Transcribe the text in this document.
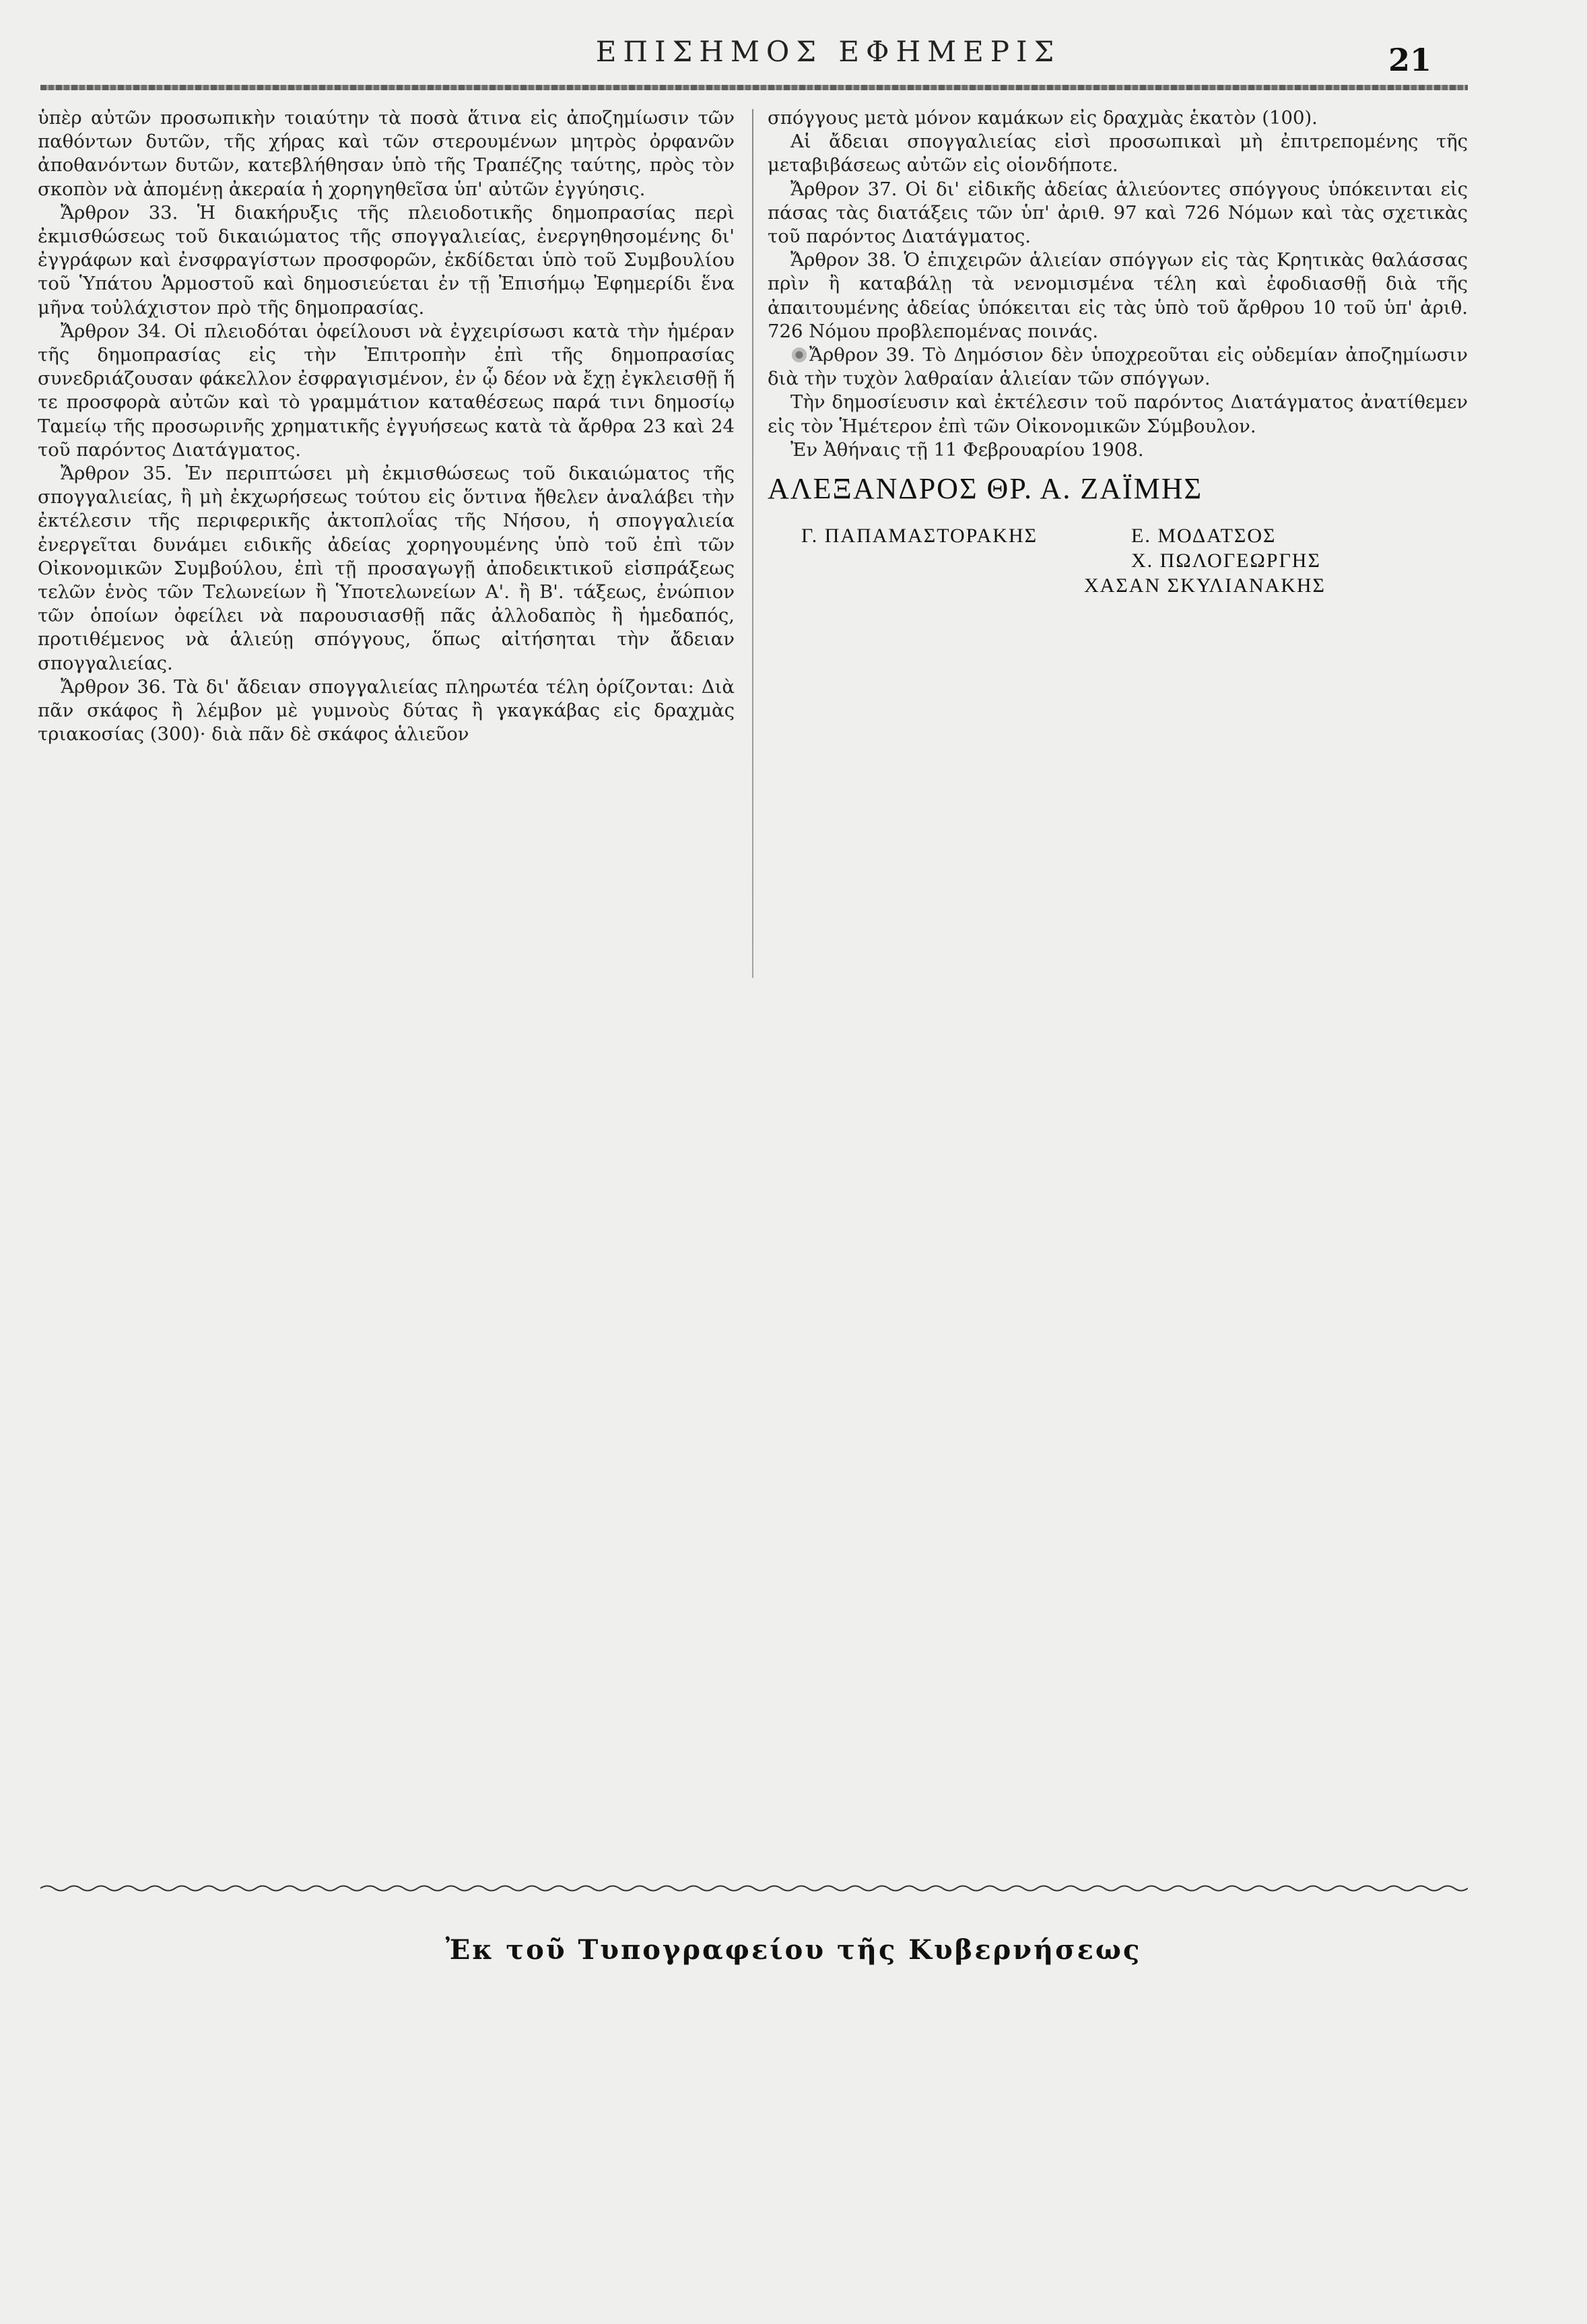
ΕΠΙΣΗΜΟΣ ΕΦΗΜΕΡΙΣ	21

ὑπὲρ αὐτῶν προσωπικὴν τοιαύτην τὰ ποσὰ ἅτινα εἰς ἀποζημίωσιν τῶν παθόντων δυτῶν, τῆς χήρας καὶ τῶν στερουμένων μητρὸς ὀρφανῶν ἀποθανόντων δυτῶν, κατεβλήθησαν ὑπὸ τῆς Τραπέζης ταύτης, πρὸς τὸν σκοπὸν νὰ ἀπομένῃ ἀκεραία ἡ χορηγηθεῖσα ὑπ' αὐτῶν ἐγγύησις.

Ἄρθρον 33. Ἡ διακήρυξις τῆς πλειοδοτικῆς δημοπρασίας περὶ ἐκμισθώσεως τοῦ δικαιώματος τῆς σπογγαλιείας, ἐνεργηθησομένης δι' ἐγγράφων καὶ ἐνσφραγίστων προσφορῶν, ἐκδίδεται ὑπὸ τοῦ Συμβουλίου τοῦ Ὑπάτου Ἁρμοστοῦ καὶ δημοσιεύεται ἐν τῇ Ἐπισήμῳ Ἐφημερίδι ἕνα μῆνα τοὐλάχιστον πρὸ τῆς δημοπρασίας.

Ἄρθρον 34. Οἱ πλειοδόται ὀφείλουσι νὰ ἐγχειρίσωσι κατὰ τὴν ἡμέραν τῆς δημοπρασίας εἰς τὴν Ἐπιτροπὴν ἐπὶ τῆς δημοπρασίας συνεδριάζουσαν φάκελλον ἐσφραγισμένον, ἐν ᾧ δέον νὰ ἔχῃ ἐγκλεισθῇ ἥ τε προσφορὰ αὐτῶν καὶ τὸ γραμμάτιον καταθέσεως παρά τινι δημοσίῳ Ταμείῳ τῆς προσωρινῆς χρηματικῆς ἐγγυήσεως κατὰ τὰ ἄρθρα 23 καὶ 24 τοῦ παρόντος Διατάγματος.

Ἄρθρον 35. Ἐν περιπτώσει μὴ ἐκμισθώσεως τοῦ δικαιώματος τῆς σπογγαλιείας, ἢ μὴ ἐκχωρήσεως τούτου εἰς ὅντινα ἤθελεν ἀναλάβει τὴν ἐκτέλεσιν τῆς περιφερικῆς ἀκτοπλοΐας τῆς Νήσου, ἡ σπογγαλιεία ἐνεργεῖται δυνάμει ειδικῆς ἀδείας χορηγουμένης ὑπὸ τοῦ ἐπὶ τῶν Οἰκονομικῶν Συμβούλου, ἐπὶ τῇ προσαγωγῇ ἀποδεικτικοῦ εἰσπράξεως τελῶν ἑνὸς τῶν Τελωνείων ἢ Ὑποτελωνείων Α'. ἢ Β'. τάξεως, ἐνώπιον τῶν ὁποίων ὀφείλει νὰ παρουσιασθῇ πᾶς ἀλλοδαπὸς ἢ ἡμεδαπός, προτιθέμενος νὰ ἁλιεύῃ σπόγγους, ὅπως αἰτήσηται τὴν ἄδειαν σπογγαλιείας.

Ἄρθρον 36. Τὰ δι' ἄδειαν σπογγαλιείας πληρωτέα τέλη ὁρίζονται: Διὰ πᾶν σκάφος ἢ λέμβον μὲ γυμνοὺς δύτας ἢ γκαγκάβας εἰς δραχμὰς τριακοσίας (300)· διὰ πᾶν δὲ σκάφος ἁλιεῦον

σπόγγους μετὰ μόνον καμάκων εἰς δραχμὰς ἑκατὸν (100).

Αἱ ἄδειαι σπογγαλιείας εἰσὶ προσωπικαὶ μὴ ἐπιτρεπομένης τῆς μεταβιβάσεως αὐτῶν εἰς οἱονδήποτε.

Ἄρθρον 37. Οἱ δι' εἰδικῆς ἀδείας ἁλιεύοντες σπόγγους ὑπόκεινται εἰς πάσας τὰς διατάξεις τῶν ὑπ' ἀριθ. 97 καὶ 726 Νόμων καὶ τὰς σχετικὰς τοῦ παρόντος Διατάγματος.

Ἄρθρον 38. Ὁ ἐπιχειρῶν ἁλιείαν σπόγγων εἰς τὰς Κρητικὰς θαλάσσας πρὶν ἢ καταβάλῃ τὰ νενομισμένα τέλη καὶ ἐφοδιασθῇ διὰ τῆς ἀπαιτουμένης ἀδείας ὑπόκειται εἰς τὰς ὑπὸ τοῦ ἄρθρου 10 τοῦ ὑπ' ἀριθ. 726 Νόμου προβλεπομένας ποινάς.

Ἄρθρον 39. Τὸ Δημόσιον δὲν ὑποχρεοῦται εἰς οὐδεμίαν ἀποζημίωσιν διὰ τὴν τυχὸν λαθραίαν ἁλιείαν τῶν σπόγγων.

Τὴν δημοσίευσιν καὶ ἐκτέλεσιν τοῦ παρόντος Διατάγματος ἀνατίθεμεν εἰς τὸν Ἡμέτερον ἐπὶ τῶν Οἰκονομικῶν Σύμβουλον.

Ἐν Ἀθήναις τῇ 11 Φεβρουαρίου 1908.

ΑΛΕΞΑΝΔΡΟΣ ΘΡ. Α. ΖΑΪΜΗΣ
Γ. ΠΑΠΑΜΑΣΤΟΡΑΚΗΣ	Ε. ΜΟΔΑΤΣΟΣ
Χ. ΠΩΛΟΓΕΩΡΓΗΣ
ΧΑΣΑΝ ΣΚΥΛΙΑΝΑΚΗΣ
Ἐκ τοῦ Τυπογραφείου τῆς Κυβερνήσεως
